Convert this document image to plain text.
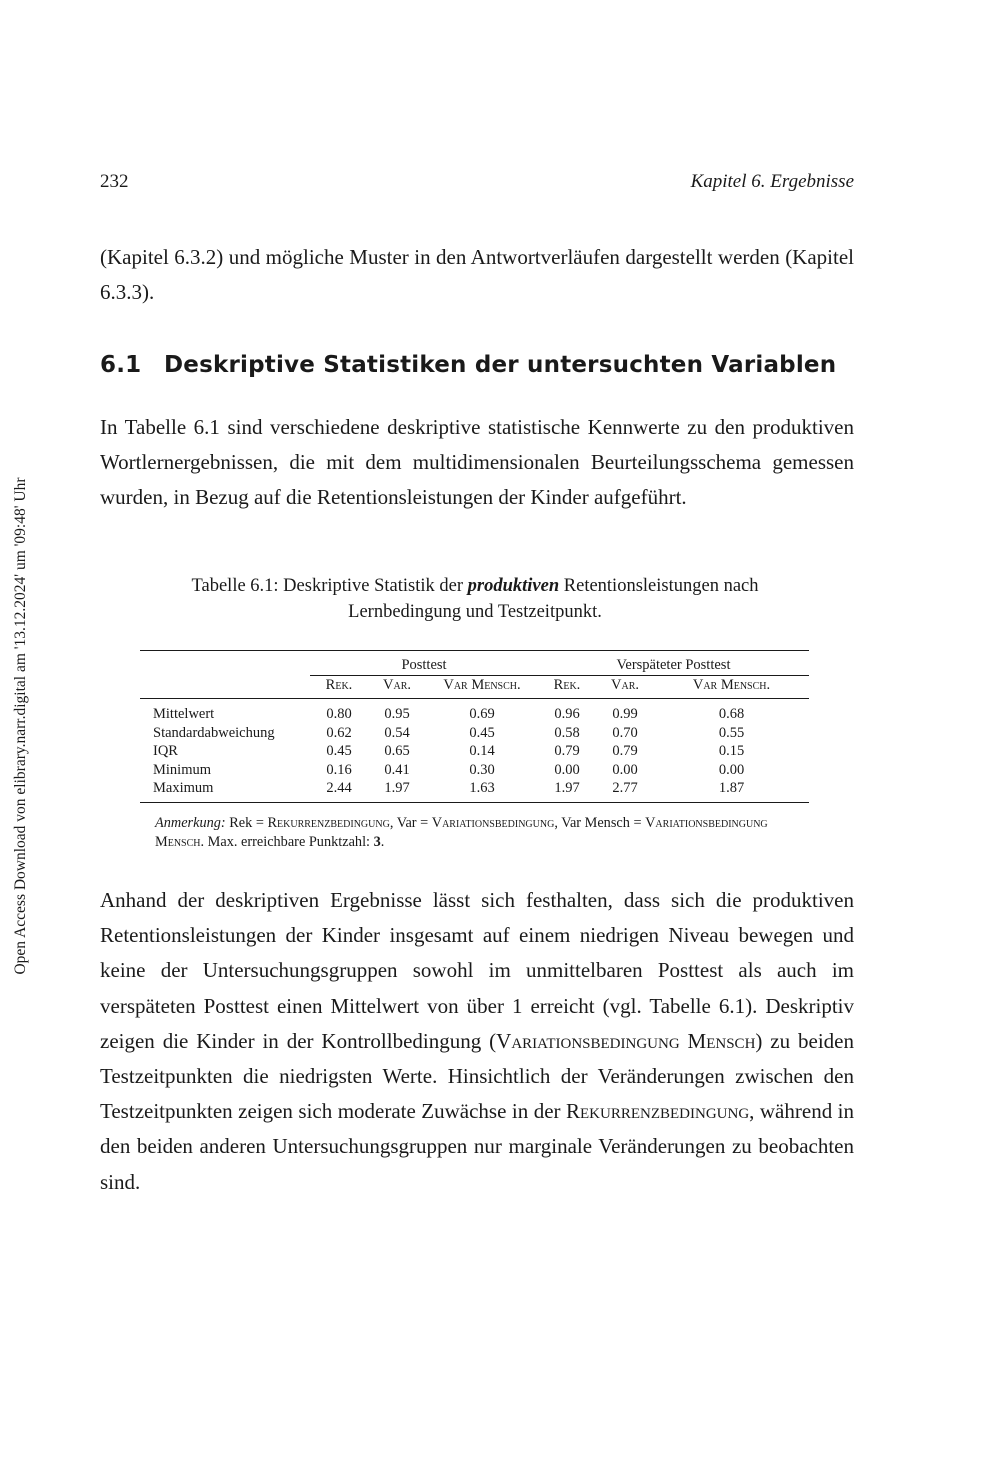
Open Access Download von elibrary.narr.digital am '13.12.2024' um '09:48' Uhr
232	Kapitel 6. Ergebnisse

(Kapitel 6.3.2) und mögliche Muster in den Antwortverläufen dargestellt werden (Kapitel 6.3.3).

6.1 Deskriptive Statistiken der untersuchten Variablen

In Tabelle 6.1 sind verschiedene deskriptive statistische Kennwerte zu den produktiven Wortlernergebnissen, die mit dem multidimensionalen Beurteilungsschema gemessen wurden, in Bezug auf die Retentionsleistungen der Kinder aufgeführt.

Tabelle 6.1: Deskriptive Statistik der produktiven Retentionsleistungen nach Lernbedingung und Testzeitpunkt.

	Posttest			Verspäteter Posttest		
	Rek.	Var.	Var Mensch.	Rek.	Var.	Var Mensch.

Mittelwert	0.80	0.95	0.69	0.96	0.99	0.68
Standardabweichung	0.62	0.54	0.45	0.58	0.70	0.55
IQR	0.45	0.65	0.14	0.79	0.79	0.15
Minimum	0.16	0.41	0.30	0.00	0.00	0.00
Maximum	2.44	1.97	1.63	1.97	2.77	1.87

Anmerkung: Rek = Rekurrenzbedingung, Var = Variationsbedingung, Var Mensch = Variationsbedingung Mensch. Max. erreichbare Punktzahl: 3.

Anhand der deskriptiven Ergebnisse lässt sich festhalten, dass sich die produktiven Retentionsleistungen der Kinder insgesamt auf einem niedrigen Niveau bewegen und keine der Untersuchungsgruppen sowohl im unmittelbaren Posttest als auch im verspäteten Posttest einen Mittelwert von über 1 erreicht (vgl. Tabelle 6.1). Deskriptiv zeigen die Kinder in der Kontrollbedingung (Variationsbedingung Mensch) zu beiden Testzeitpunkten die niedrigsten Werte. Hinsichtlich der Veränderungen zwischen den Testzeitpunkten zeigen sich moderate Zuwächse in der Rekurrenzbedingung, während in den beiden anderen Untersuchungsgruppen nur marginale Veränderungen zu beobachten sind.
